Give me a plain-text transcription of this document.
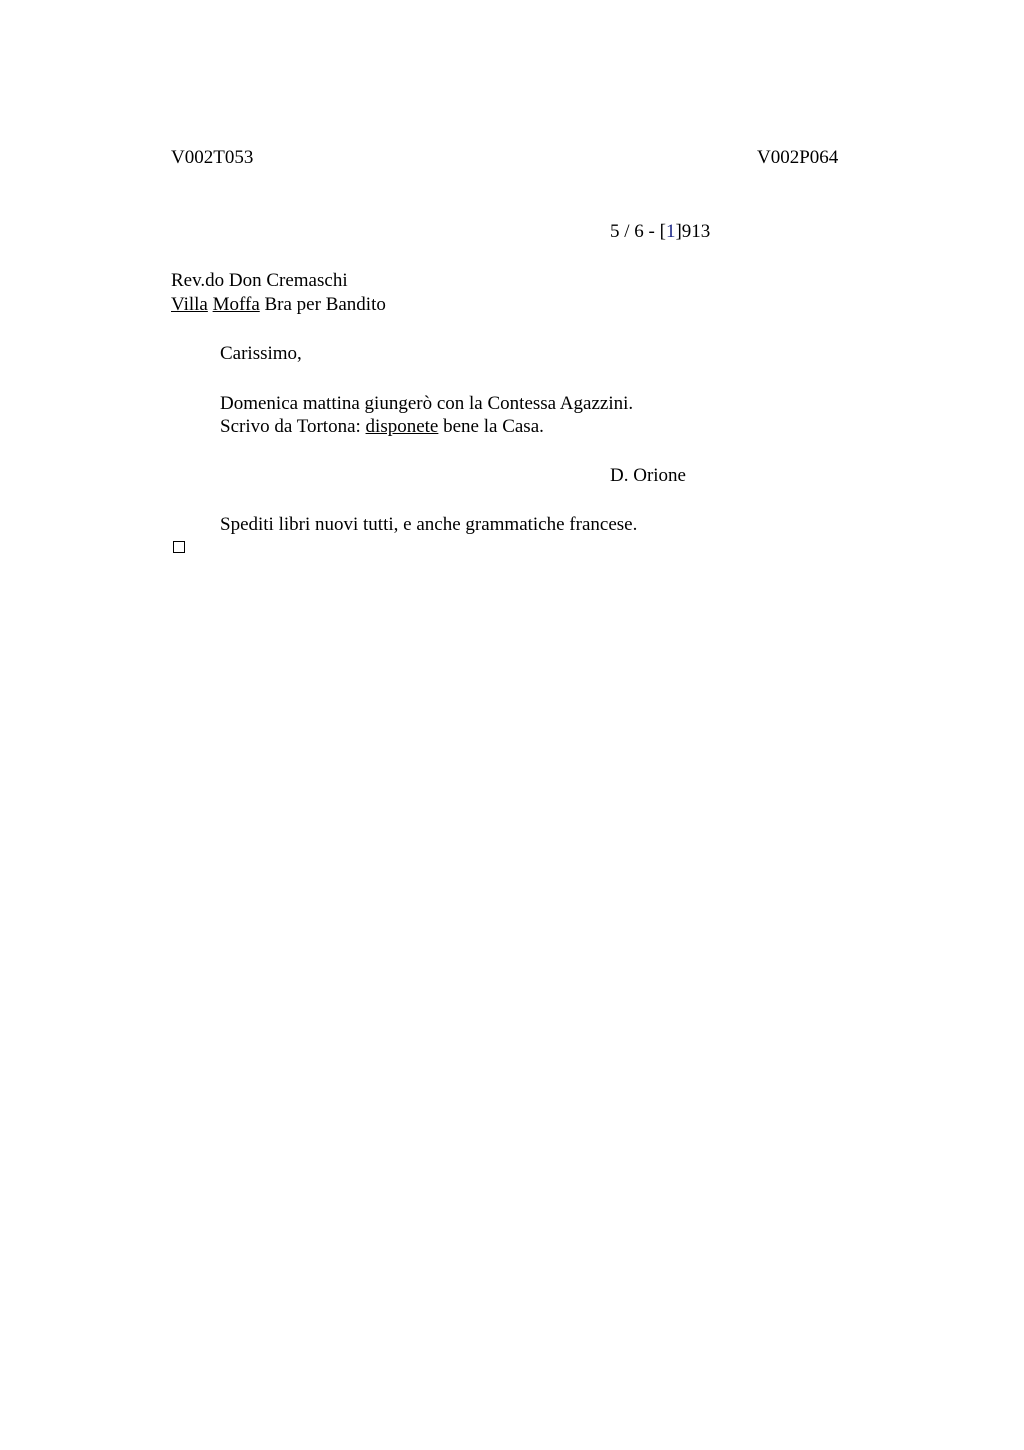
V002T053	V002P064
5 / 6 - [1]913
Rev.do Don Cremaschi
Villa Moffa Bra per Bandito
Carissimo,
Domenica mattina giungerò con la Contessa Agazzini.
Scrivo da Tortona: disponete bene la Casa.
D. Orione
Spediti libri nuovi tutti, e anche grammatiche francese.
